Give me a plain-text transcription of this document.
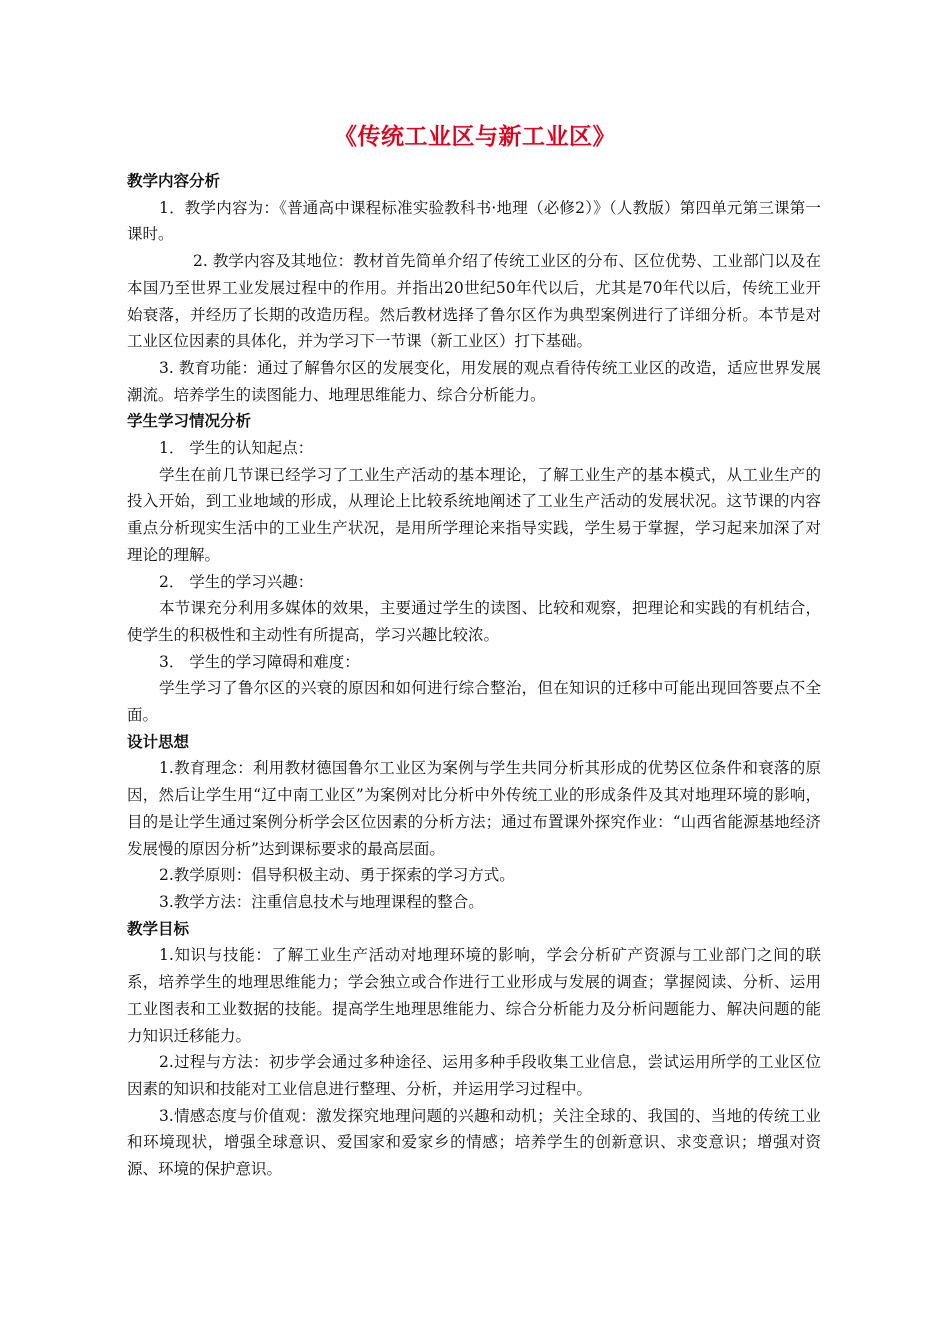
《传统工业区与新工业区》
教学内容分析

1．教学内容为：《普通高中课程标准实验教科书·地理（必修2）》（人教版）第四单元第三课第一课时。

2. 教学内容及其地位：教材首先简单介绍了传统工业区的分布、区位优势、工业部门以及在本国乃至世界工业发展过程中的作用。并指出20世纪50年代以后，尤其是70年代以后，传统工业开始衰落，并经历了长期的改造历程。然后教材选择了鲁尔区作为典型案例进行了详细分析。本节是对工业区位因素的具体化，并为学习下一节课（新工业区）打下基础。

3. 教育功能：通过了解鲁尔区的发展变化，用发展的观点看待传统工业区的改造，适应世界发展潮流。培养学生的读图能力、地理思维能力、综合分析能力。

学生学习情况分析

1． 学生的认知起点：

学生在前几节课已经学习了工业生产活动的基本理论，了解工业生产的基本模式，从工业生产的投入开始，到工业地域的形成，从理论上比较系统地阐述了工业生产活动的发展状况。这节课的内容重点分析现实生活中的工业生产状况，是用所学理论来指导实践，学生易于掌握，学习起来加深了对理论的理解。

2． 学生的学习兴趣：

本节课充分利用多媒体的效果，主要通过学生的读图、比较和观察，把理论和实践的有机结合，使学生的积极性和主动性有所提高，学习兴趣比较浓。

3． 学生的学习障碍和难度：

学生学习了鲁尔区的兴衰的原因和如何进行综合整治，但在知识的迁移中可能出现回答要点不全面。

设计思想

1.教育理念：利用教材德国鲁尔工业区为案例与学生共同分析其形成的优势区位条件和衰落的原因，然后让学生用“辽中南工业区”为案例对比分析中外传统工业的形成条件及其对地理环境的影响，目的是让学生通过案例分析学会区位因素的分析方法；通过布置课外探究作业：“山西省能源基地经济发展慢的原因分析”达到课标要求的最高层面。

2.教学原则：倡导积极主动、勇于探索的学习方式。

3.教学方法：注重信息技术与地理课程的整合。

教学目标

1.知识与技能：了解工业生产活动对地理环境的影响，学会分析矿产资源与工业部门之间的联系，培养学生的地理思维能力；学会独立或合作进行工业形成与发展的调查；掌握阅读、分析、运用工业图表和工业数据的技能。提高学生地理思维能力、综合分析能力及分析问题能力、解决问题的能力知识迁移能力。

2.过程与方法：初步学会通过多种途径、运用多种手段收集工业信息，尝试运用所学的工业区位因素的知识和技能对工业信息进行整理、分析，并运用学习过程中。

3.情感态度与价值观：激发探究地理问题的兴趣和动机；关注全球的、我国的、当地的传统工业和环境现状，增强全球意识、爱国家和爱家乡的情感；培养学生的创新意识、求变意识；增强对资源、环境的保护意识。
